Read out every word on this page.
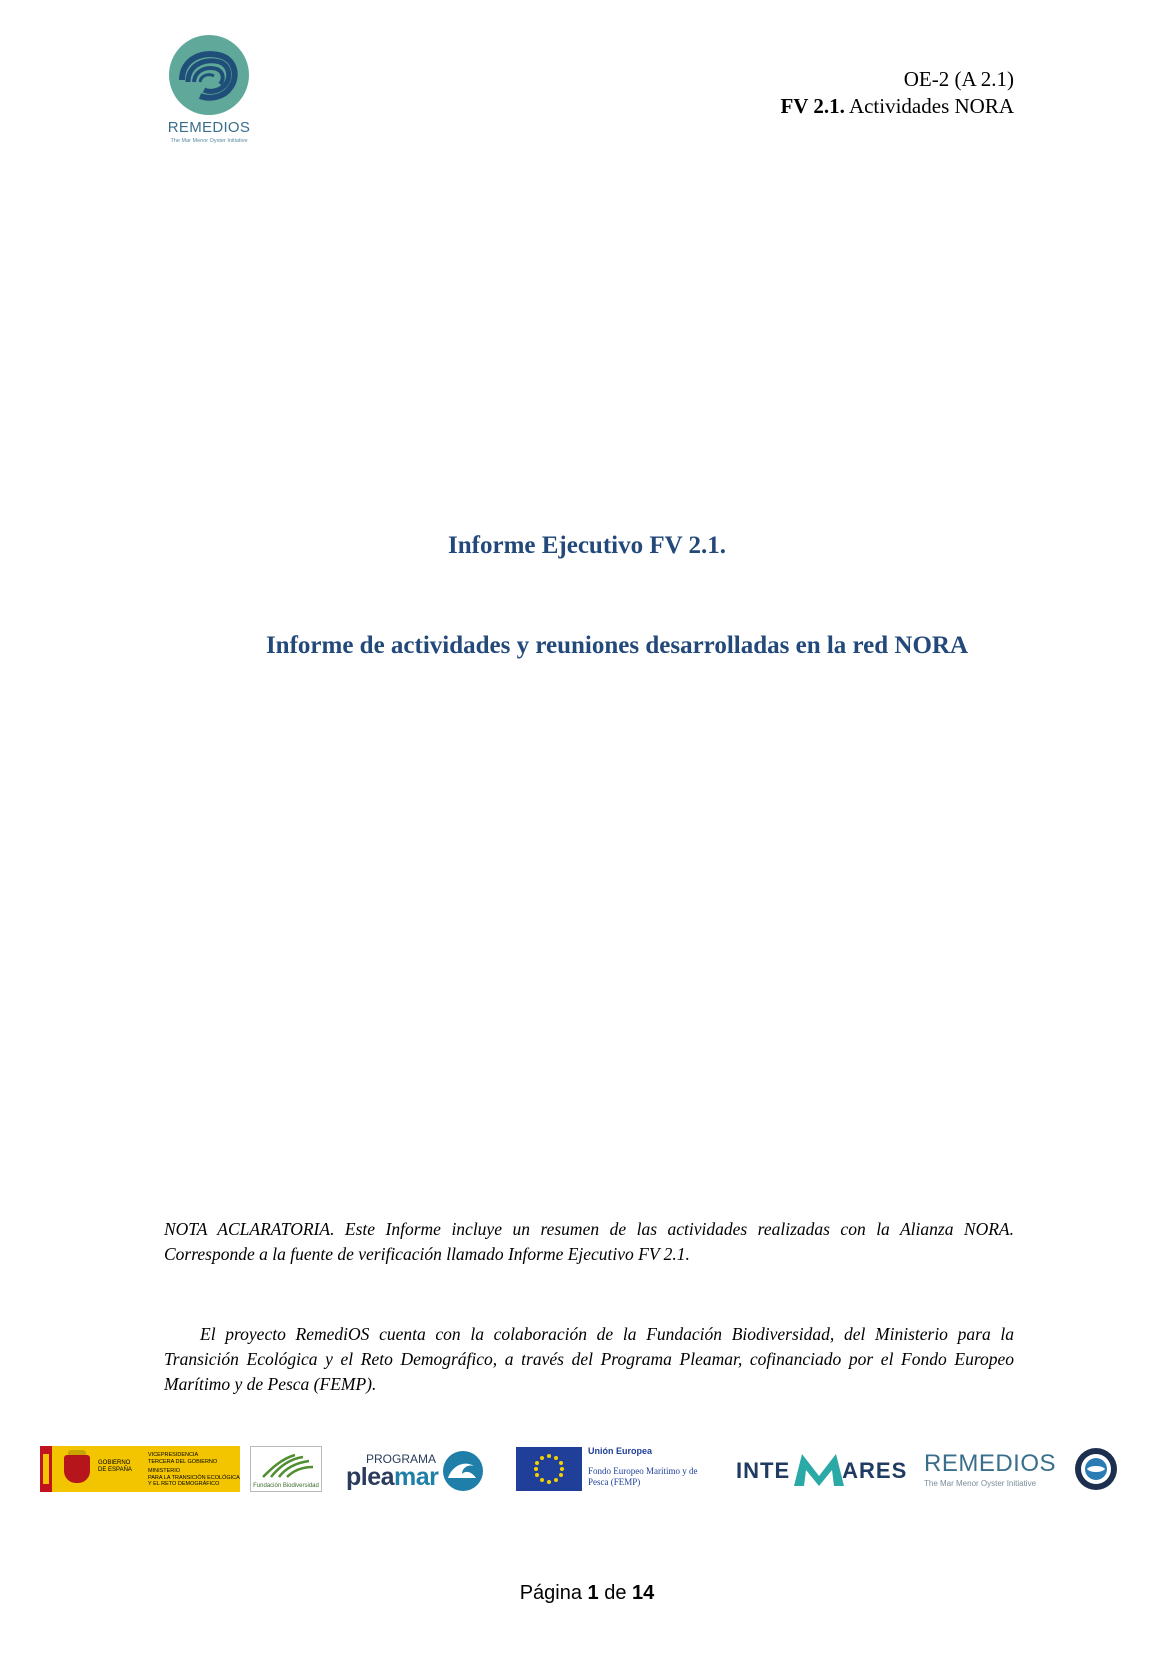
REMEDIOS
The Mar Menor Oyster Initiative
OE-2 (A 2.1)
FV 2.1. Actividades NORA
Informe Ejecutivo FV 2.1.
Informe de actividades y reuniones desarrolladas en la red NORA
NOTA ACLARATORIA. Este Informe incluye un resumen de las actividades realizadas con la Alianza NORA. Corresponde a la fuente de verificación llamado Informe Ejecutivo FV 2.1.
El proyecto RemediOS cuenta con la colaboración de la Fundación Biodiversidad, del Ministerio para la Transición Ecológica y el Reto Demográfico, a través del Programa Pleamar, cofinanciado por el Fondo Europeo Marítimo y de Pesca (FEMP).
GOBIERNO
DE ESPAÑA
VICEPRESIDENCIA
TERCERA DEL GOBIERNO
MINISTERIO
PARA LA TRANSICIÓN ECOLÓGICA
Y EL RETO DEMOGRÁFICO	Fundación Biodiversidad
PROGRAMA
pleamar
Unión Europea
Fondo Europeo Marítimo y de Pesca (FEMP)	INTE ARES REMEDIOS
The Mar Menor Oyster Initiative
Página 1 de 14
